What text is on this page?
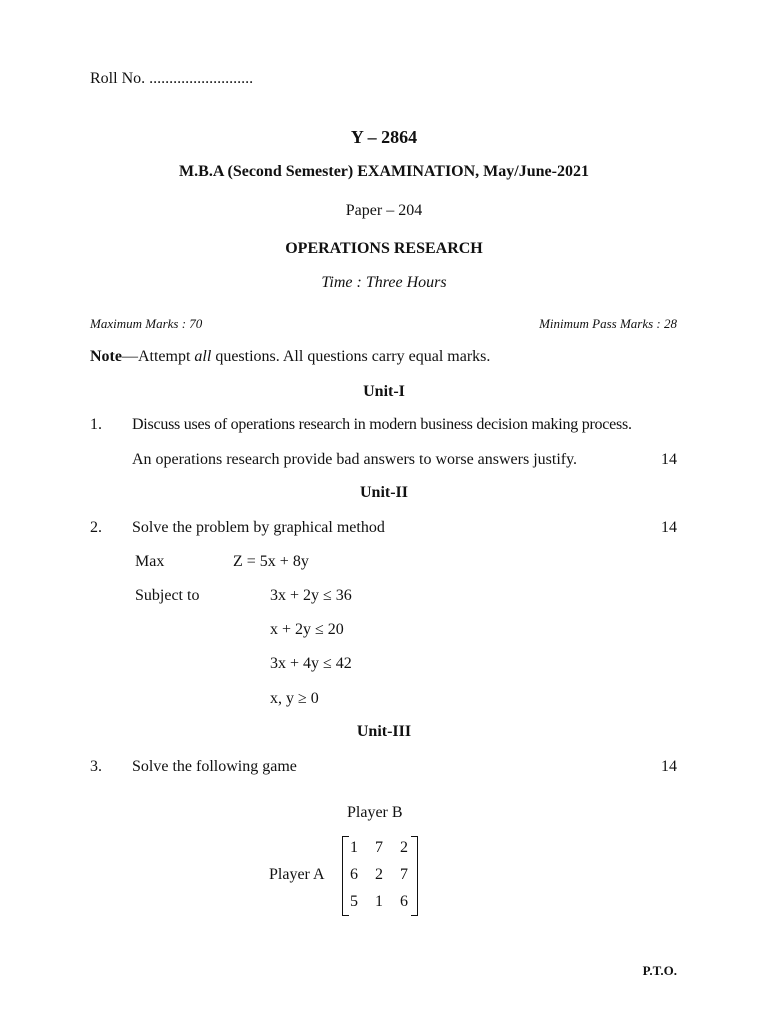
Roll No. ..........................
Y – 2864
M.B.A (Second Semester) EXAMINATION, May/June-2021
Paper – 204
OPERATIONS RESEARCH
Time : Three Hours
Maximum Marks : 70	Minimum Pass Marks : 28
Note—Attempt all questions. All questions carry equal marks.
Unit-I
1. Discuss uses of operations research in modern business decision making process.
An operations research provide bad answers to worse answers justify.	14
Unit-II
2. Solve the problem by graphical method	14
Max	Z = 5x + 8y
Subject to	3x + 2y ≤ 36
x + 2y ≤ 20
3x + 4y ≤ 42
x, y ≥ 0
Unit-III
3. Solve the following game	14
Player B
Player A
1	7	2
6	2	7
5	1	6
P.T.O.
